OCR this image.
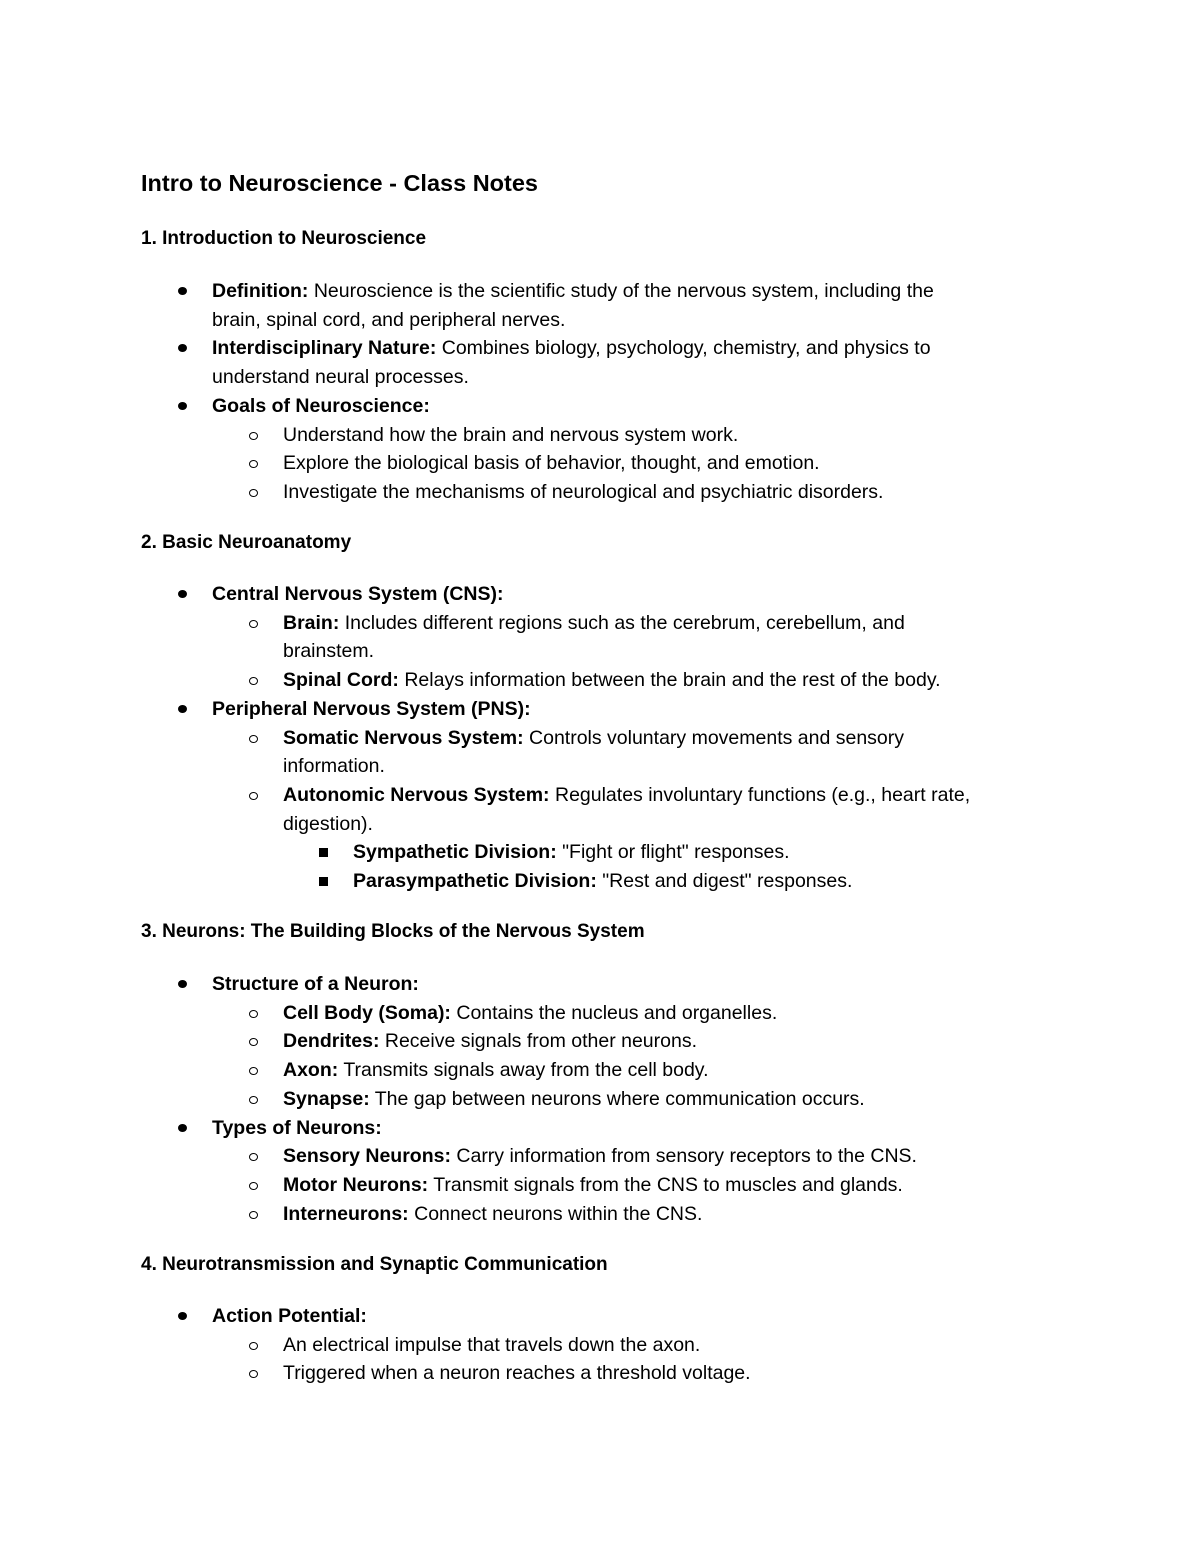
Intro to Neuroscience - Class Notes
1. Introduction to Neuroscience
Definition: Neuroscience is the scientific study of the nervous system, including the
brain, spinal cord, and peripheral nerves.
Interdisciplinary Nature: Combines biology, psychology, chemistry, and physics to
understand neural processes.
Goals of Neuroscience:
Understand how the brain and nervous system work.
Explore the biological basis of behavior, thought, and emotion.
Investigate the mechanisms of neurological and psychiatric disorders.
2. Basic Neuroanatomy
Central Nervous System (CNS):
Brain: Includes different regions such as the cerebrum, cerebellum, and
brainstem.
Spinal Cord: Relays information between the brain and the rest of the body.
Peripheral Nervous System (PNS):
Somatic Nervous System: Controls voluntary movements and sensory
information.
Autonomic Nervous System: Regulates involuntary functions (e.g., heart rate,
digestion).
Sympathetic Division: "Fight or flight" responses.
Parasympathetic Division: "Rest and digest" responses.
3. Neurons: The Building Blocks of the Nervous System
Structure of a Neuron:
Cell Body (Soma): Contains the nucleus and organelles.
Dendrites: Receive signals from other neurons.
Axon: Transmits signals away from the cell body.
Synapse: The gap between neurons where communication occurs.
Types of Neurons:
Sensory Neurons: Carry information from sensory receptors to the CNS.
Motor Neurons: Transmit signals from the CNS to muscles and glands.
Interneurons: Connect neurons within the CNS.
4. Neurotransmission and Synaptic Communication
Action Potential:
An electrical impulse that travels down the axon.
Triggered when a neuron reaches a threshold voltage.
